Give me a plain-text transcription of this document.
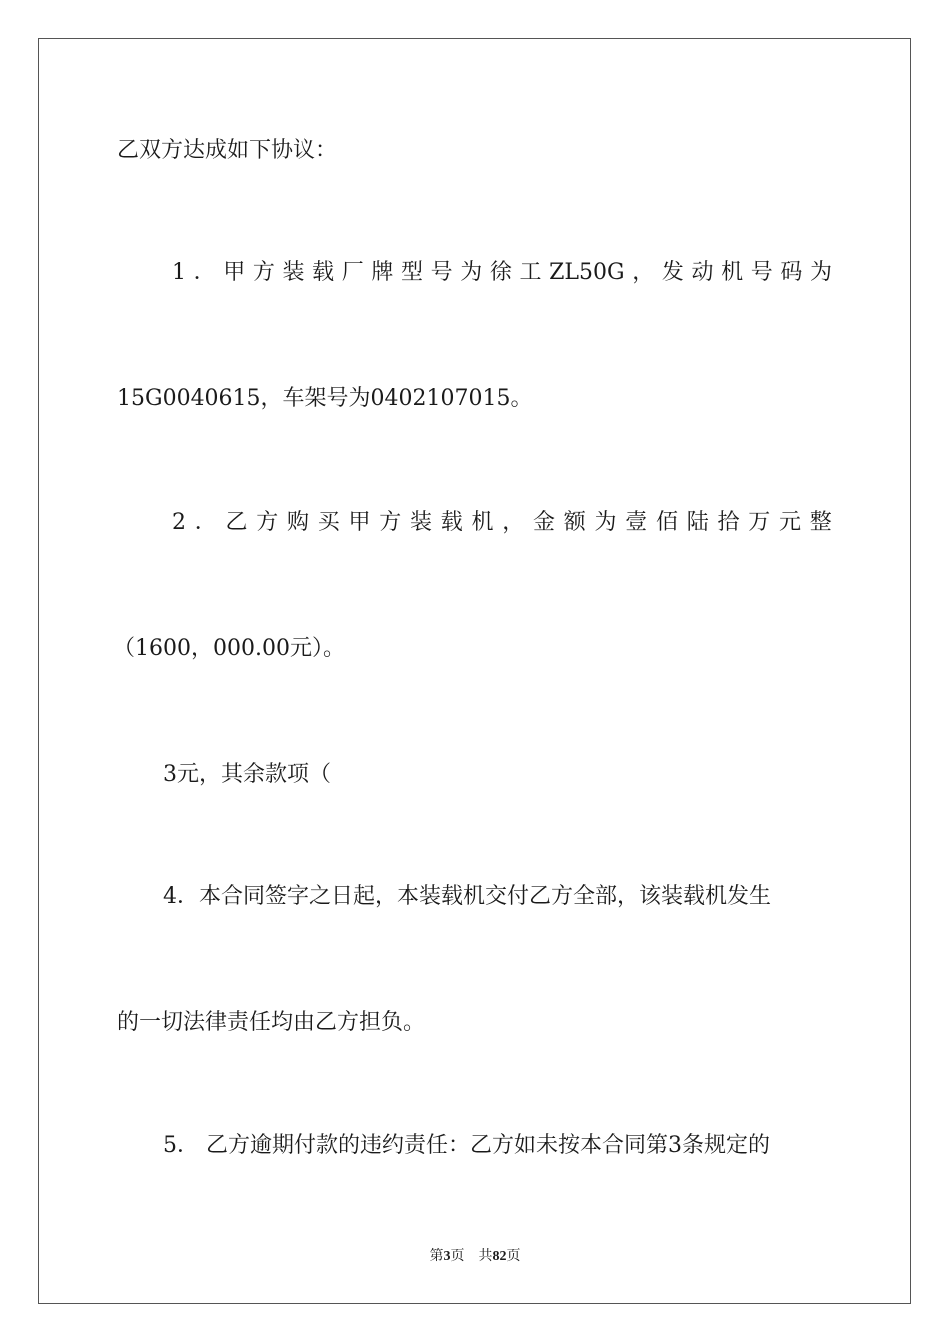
乙双方达成如下协议：
1 ． 甲 方 装 载 厂 牌 型 号 为 徐 工 ZL50G ， 发 动 机 号 码 为
15G0040615，车架号为0402107015。
2 ． 乙 方 购 买 甲 方 装 载 机 ， 金 额 为 壹 佰 陆 拾 万 元 整
（1600，000.00元）。
3元，其余款项（
4．本合同签字之日起，本装载机交付乙方全部，该装载机发生
的一切法律责任均由乙方担负。
5． 乙方逾期付款的违约责任：乙方如未按本合同第3条规定的
第3页　共82页
